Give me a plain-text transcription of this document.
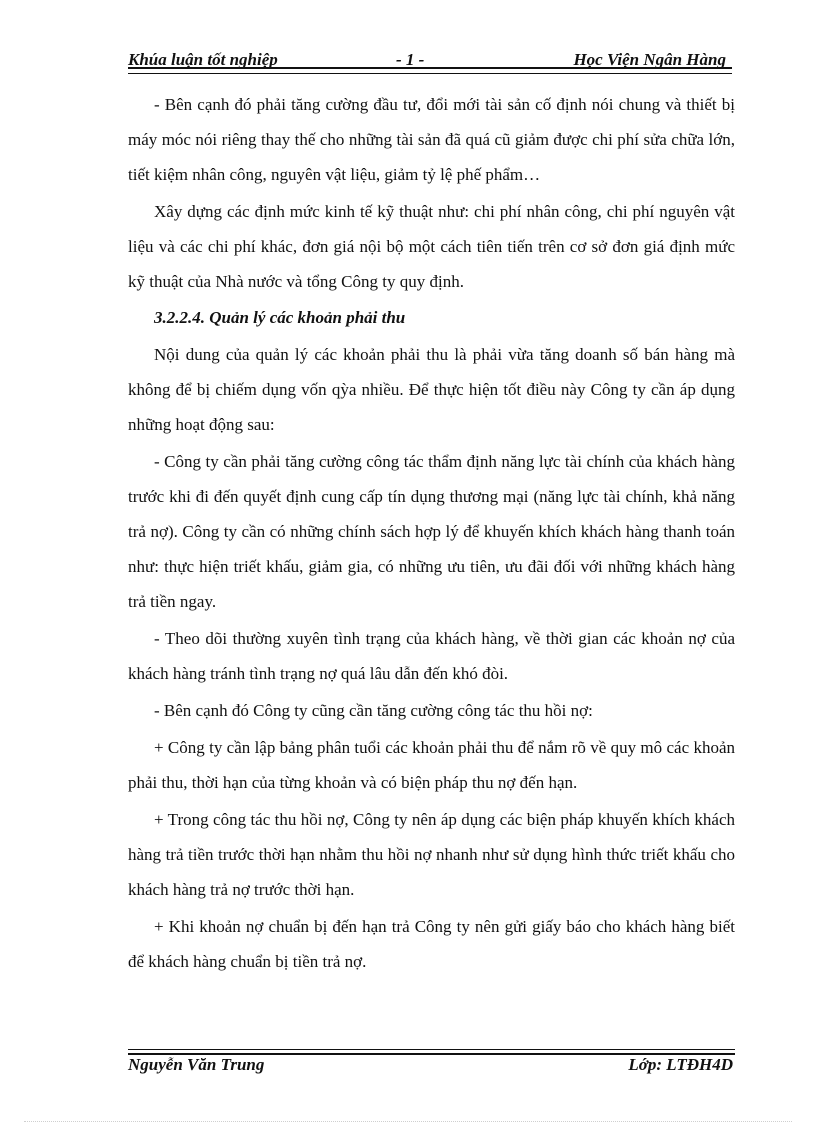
Khúa luận tốt nghiệp	- 1 -	Học Viện Ngân Hàng

- Bên cạnh đó phải tăng cường đầu tư, đổi mới tài sản cố định nói chung và thiết bị máy móc nói riêng thay thế cho những tài sản đã quá cũ giảm được chi phí sửa chữa lớn, tiết kiệm nhân công, nguyên vật liệu, giảm tỷ lệ phế phẩm…

Xây dựng các định mức kinh tế kỹ thuật như: chi phí nhân công, chi phí nguyên vật liệu và các chi phí khác, đơn giá nội bộ một cách tiên tiến trên cơ sở đơn giá định mức kỹ thuật của Nhà nước và tổng Công ty quy định.

3.2.2.4. Quản lý các khoản phải thu

Nội dung của quản lý các khoản phải thu là phải vừa tăng doanh số bán hàng mà không để bị chiếm dụng vốn qỳa nhiều. Để thực hiện tốt điều này Công ty cần áp dụng những hoạt động sau:

- Công ty cần phải tăng cường công tác thẩm định năng lực tài chính của khách hàng trước khi đi đến quyết định cung cấp tín dụng thương mại (năng lực tài chính, khả năng trả nợ). Công ty cần có những chính sách hợp lý để khuyến khích khách hàng thanh toán như: thực hiện triết khấu, giảm gia, có những ưu tiên, ưu đãi đối với những khách hàng trả tiền ngay.

- Theo dõi thường xuyên tình trạng của khách hàng, về thời gian các khoản nợ của khách hàng tránh tình trạng nợ quá lâu dẫn đến khó đòi.

- Bên cạnh đó Công ty cũng cần tăng cường công tác thu hồi nợ:

+ Công ty cần lập bảng phân tuổi các khoản phải thu để nắm rõ về quy mô các khoản phải thu, thời hạn của từng khoản và có biện pháp thu nợ đến hạn.

+ Trong công tác thu hồi nợ, Công ty nên áp dụng các biện pháp khuyến khích khách hàng trả tiền trước thời hạn nhằm thu hồi nợ nhanh như sử dụng hình thức triết khấu cho khách hàng trả nợ trước thời hạn.

+ Khi khoản nợ chuẩn bị đến hạn trả Công ty nên gửi giấy báo cho khách hàng biết để khách hàng chuẩn bị tiền trả nợ.

Nguyễn Văn Trung	Lớp: LTĐH4D
